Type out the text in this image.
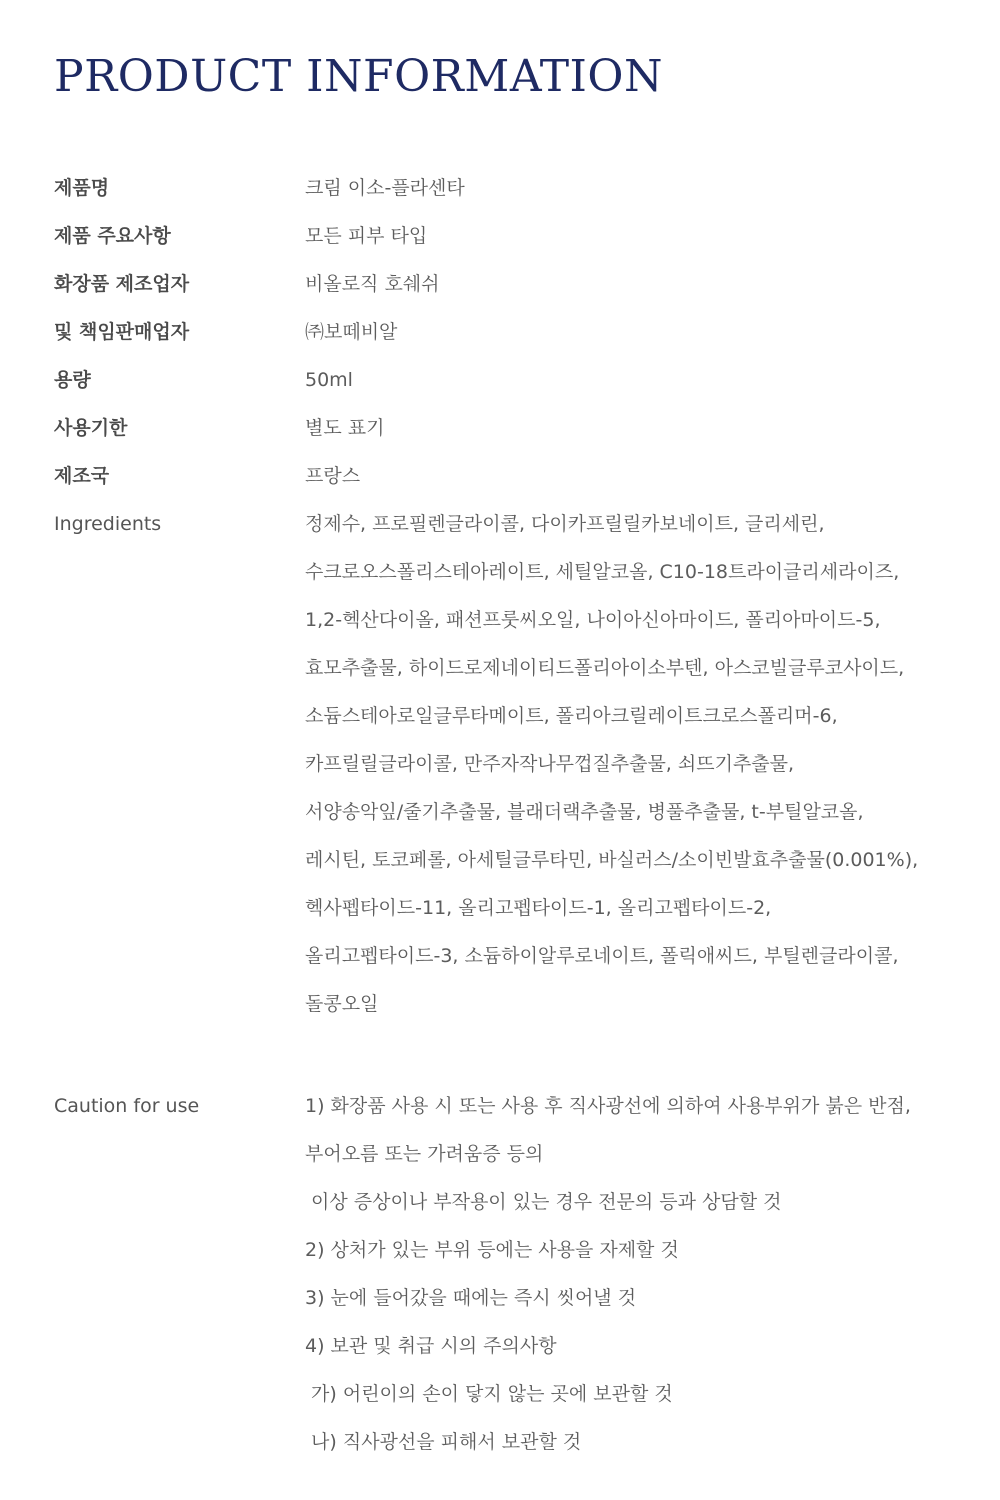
PRODUCT INFORMATION
제품명	크림 이소-플라센타
제품 주요사항	모든 피부 타입
화장품 제조업자	비올로직 호쉐쉬
및 책임판매업자	㈜보떼비알
용량	50ml
사용기한	별도 표기
제조국	프랑스
Ingredients	정제수, 프로필렌글라이콜, 다이카프릴릴카보네이트, 글리세린,
수크로오스폴리스테아레이트, 세틸알코올, C10-18트라이글리세라이즈,
1,2-헥산다이올, 패션프룻씨오일, 나이아신아마이드, 폴리아마이드-5,
효모추출물, 하이드로제네이티드폴리아이소부텐, 아스코빌글루코사이드,
소듐스테아로일글루타메이트, 폴리아크릴레이트크로스폴리머-6,
카프릴릴글라이콜, 만주자작나무껍질추출물, 쇠뜨기추출물,
서양송악잎/줄기추출물, 블래더랙추출물, 병풀추출물, t-부틸알코올,
레시틴, 토코페롤, 아세틸글루타민, 바실러스/소이빈발효추출물(0.001%),
헥사펩타이드-11, 올리고펩타이드-1, 올리고펩타이드-2,
올리고펩타이드-3, 소듐하이알루로네이트, 폴릭애씨드, 부틸렌글라이콜,
돌콩오일
Caution for use	1) 화장품 사용 시 또는 사용 후 직사광선에 의하여 사용부위가 붉은 반점,
부어오름 또는 가려움증 등의
이상 증상이나 부작용이 있는 경우 전문의 등과 상담할 것
2) 상처가 있는 부위 등에는 사용을 자제할 것
3) 눈에 들어갔을 때에는 즉시 씻어낼 것
4) 보관 및 취급 시의 주의사항
가) 어린이의 손이 닿지 않는 곳에 보관할 것
나) 직사광선을 피해서 보관할 것
